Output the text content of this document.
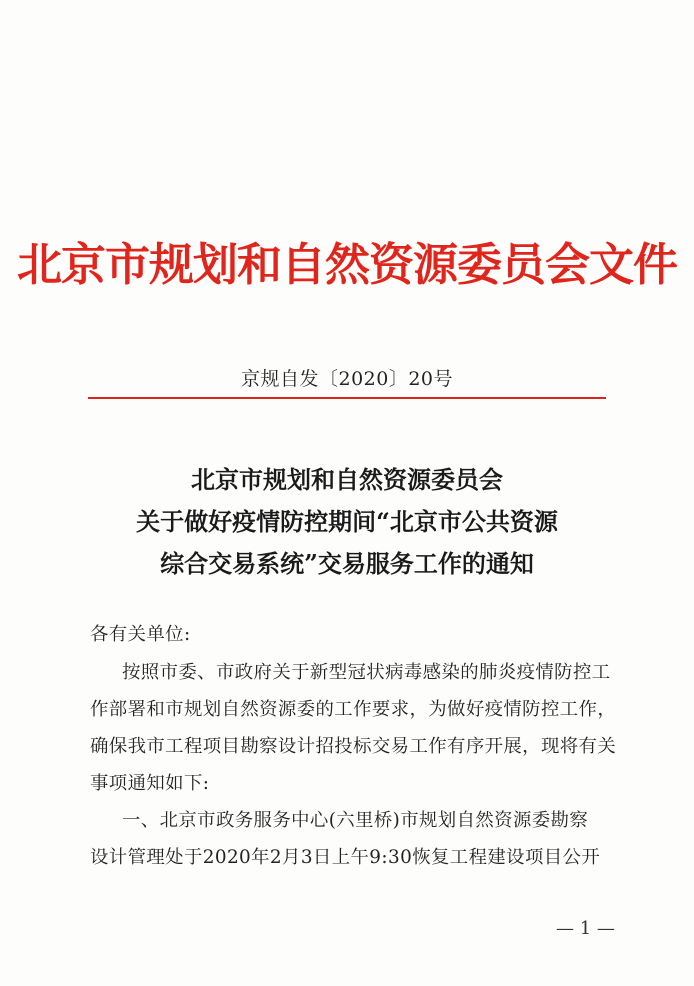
北京市规划和自然资源委员会文件
京规自发〔2020〕20号
北京市规划和自然资源委员会
关于做好疫情防控期间“北京市公共资源
综合交易系统”交易服务工作的通知
各有关单位:
按照市委、市政府关于新型冠状病毒感染的肺炎疫情防控工
作部署和市规划自然资源委的工作要求，为做好疫情防控工作，
确保我市工程项目勘察设计招投标交易工作有序开展，现将有关
事项通知如下:
一、北京市政务服务中心(六里桥)市规划自然资源委勘察
设计管理处于2020年2月3日上午9:30恢复工程建设项目公开
— 1 —
